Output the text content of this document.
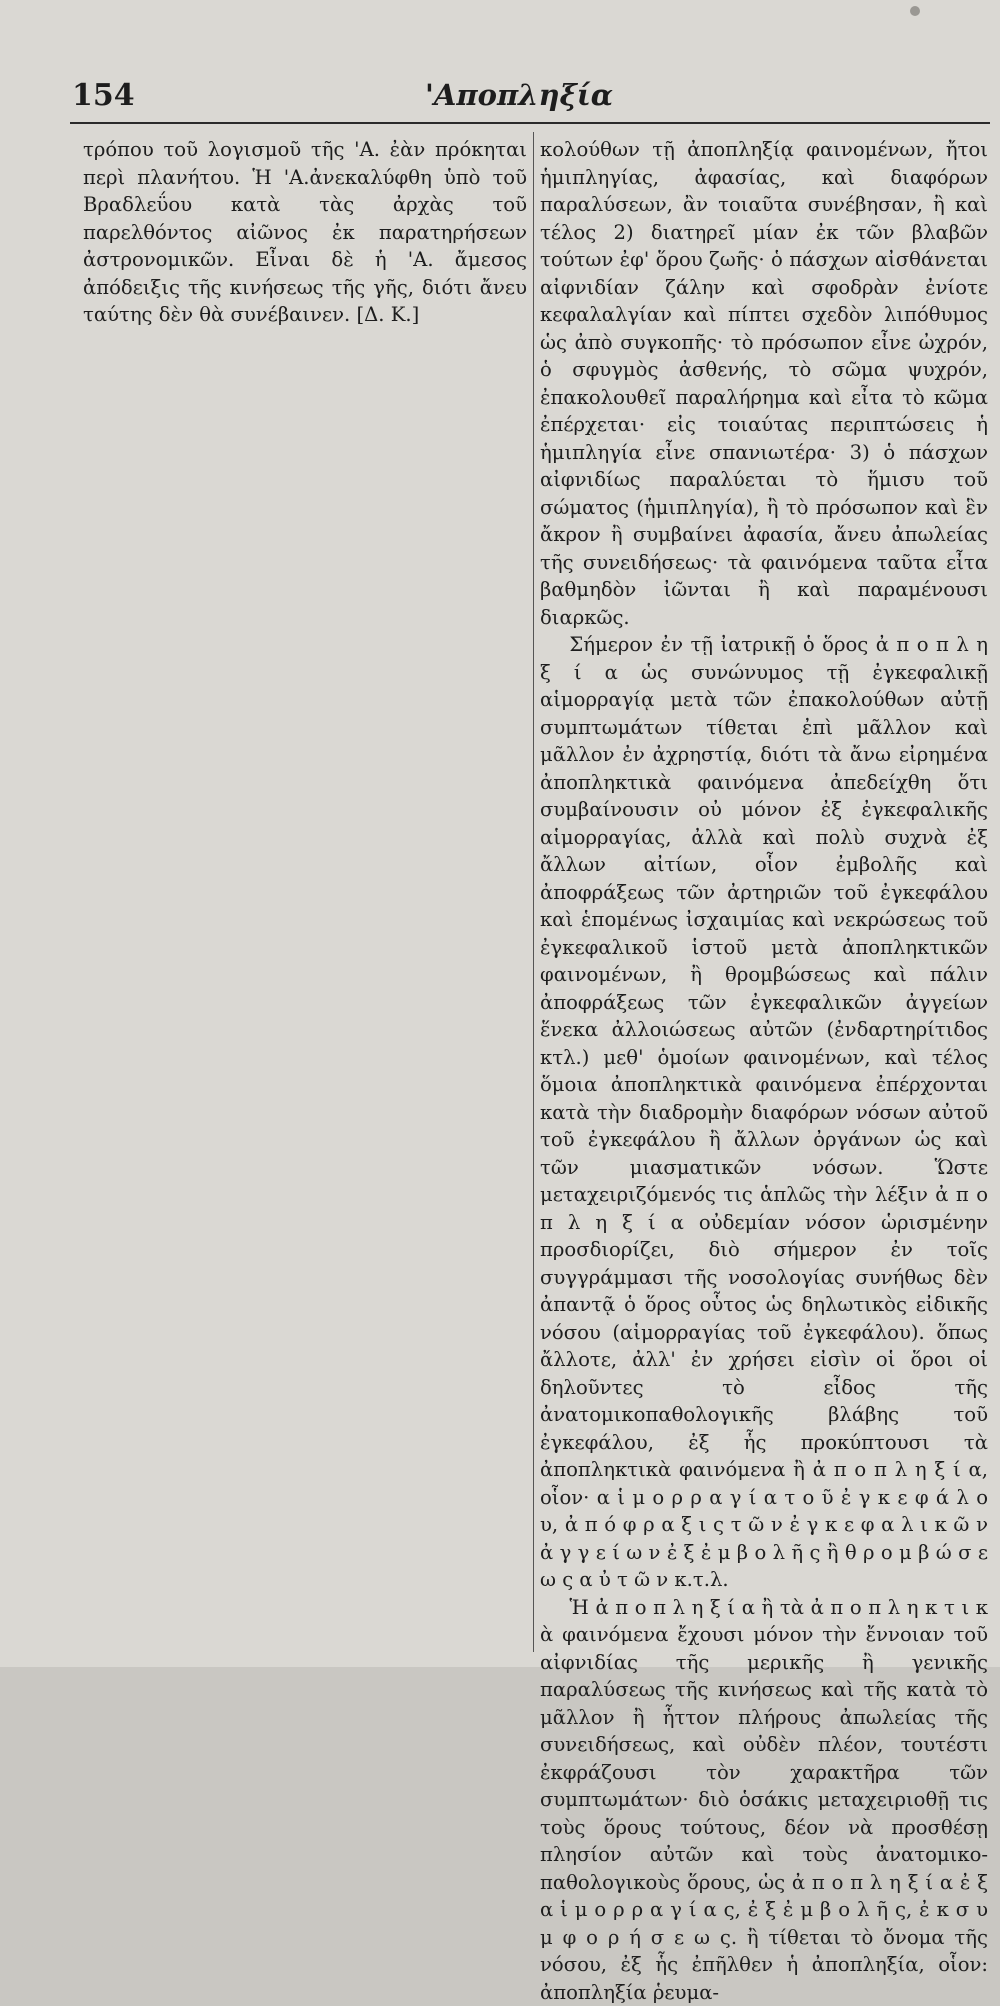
154	'Αποπληξία

τρόπου τοῦ λογισμοῦ τῆς 'Α. ἐὰν πρόκηται περὶ πλανήτου. Ἡ 'Α.ἀνεκαλύφθη ὑπὸ τοῦ Bραδλεΰου κατὰ τὰς ἀρχὰς τοῦ παρελθόντος αἰῶνος ἐκ παρατηρήσεων ἀστρονομικῶν. Εἶναι δὲ ἡ 'Α. ἄμεσος ἀπόδειξις τῆς κινήσεως τῆς γῆς, διότι ἄνευ ταύτης δὲν θὰ συνέβαινεν. [Δ. Κ.]

κολούθων τῇ ἀποπληξίᾳ φαινομένων, ἤτοι ἡμιπληγίας, ἀφασίας, καὶ διαφόρων παραλύσεων, ἂν τοιαῦτα συνέβησαν, ἢ καὶ τέλος 2) διατηρεῖ μίαν ἐκ τῶν βλαβῶν τούτων ἐφ' ὅρου ζωῆς· ὁ πάσχων αἰσθάνεται αἰφνιδίαν ζάλην καὶ σφοδρὰν ἐνίοτε κεφαλαλγίαν καὶ πίπτει σχεδὸν λιπόθυμος ὡς ἀπὸ συγκοπῆς· τὸ πρόσωπον εἶνε ὠχρόν, ὁ σφυγμὸς ἀσθενής, τὸ σῶμα ψυχρόν, ἐπακολουθεῖ παραλήρημα καὶ εἶτα τὸ κῶμα ἐπέρχεται· εἰς τοιαύτας περιπτώσεις ἡ ἡμιπληγία εἶνε σπανιωτέρα· 3) ὁ πάσχων αἰφνιδίως παραλύεται τὸ ἥμισυ τοῦ σώματος (ἡμιπληγία), ἢ τὸ πρόσωπον καὶ ἓν ἄκρον ἢ συμβαίνει ἀφασία, ἄνευ ἀπωλείας τῆς συνειδήσεως· τὰ φαινόμενα ταῦτα εἶτα βαθμηδὸν ἰῶνται ἢ καὶ παραμένουσι διαρκῶς.

Σήμερον ἐν τῇ ἰατρικῇ ὁ ὅρος ἀ π ο π λ η ξ ί α ὡς συνώνυμος τῇ ἐγκεφαλικῇ αἱμορραγίᾳ μετὰ τῶν ἐπακολούθων αὐτῇ συμπτωμάτων τίθεται ἐπὶ μᾶλλον καὶ μᾶλλον ἐν ἀχρηστίᾳ, διότι τὰ ἄνω εἰρημένα ἀποπληκτικὰ φαινόμενα ἀπεδείχθη ὅτι συμβαίνουσιν οὐ μόνον ἐξ ἐγκεφαλικῆς αἱμορραγίας, ἀλλὰ καὶ πολὺ συχνὰ ἐξ ἄλλων αἰτίων, οἷον ἐμβολῆς καὶ ἀποφράξεως τῶν ἀρτηριῶν τοῦ ἐγκεφάλου καὶ ἑπομένως ἰσχαιμίας καὶ νεκρώσεως τοῦ ἐγκεφαλικοῦ ἱστοῦ μετὰ ἀποπληκτικῶν φαινομένων, ἢ θρομβώσεως καὶ πάλιν ἀποφράξεως τῶν ἐγκεφαλικῶν ἀγγείων ἕνεκα ἀλλοιώσεως αὐτῶν (ἐνδαρτηρίτιδος κτλ.) μεθ' ὁμοίων φαινομένων, καὶ τέλος ὅμοια ἀποπληκτικὰ φαινόμενα ἐπέρχονται κατὰ τὴν διαδρομὴν διαφόρων νόσων αὐτοῦ τοῦ ἐγκεφάλου ἢ ἄλλων ὀργάνων ὡς καὶ τῶν μιασματικῶν νόσων. Ὥστε μεταχειριζόμενός τις ἁπλῶς τὴν λέξιν ἀ π ο π λ η ξ ί α οὐδεμίαν νόσον ὡρισμένην προσδιορίζει, διὸ σήμερον ἐν τοῖς συγγράμμασι τῆς νοσολογίας συνήθως δὲν ἀπαντᾷ ὁ ὅρος οὗτος ὡς δηλωτικὸς εἰδικῆς νόσου (αἱμορραγίας τοῦ ἐγκεφάλου). ὅπως ἄλλοτε, ἀλλ' ἐν χρήσει εἰσὶν οἱ ὅροι οἱ δηλοῦντες τὸ εἶδος τῆς ἀνατομικοπαθολογικῆς βλάβης τοῦ ἐγκεφάλου, ἐξ ἧς προκύπτουσι τὰ ἀποπληκτικὰ φαινόμενα ἢ ἀ π ο π λ η ξ ί α, οἷον· α ἱ μ ο ρ ρ α γ ί α τ ο ῦ ἐ γ κ ε φ ά λ ο υ, ἀ π ό φ ρ α ξ ι ς τ ῶ ν ἐ γ κ ε φ α λ ι κ ῶ ν ἀ γ γ ε ί ω ν ἐ ξ ἐ μ β ο λ ῆ ς ἢ θ ρ ο μ β ώ σ ε ω ς α ὐ τ ῶ ν κ.τ.λ.

Ἡ ἀ π ο π λ η ξ ί α ἢ τὰ ἀ π ο π λ η κ τ ι κ ὰ φαινόμενα ἔχουσι μόνον τὴν ἔννοιαν τοῦ αἰφνιδίας τῆς μερικῆς ἢ γενικῆς παραλύσεως τῆς κινήσεως καὶ τῆς κατὰ τὸ μᾶλλον ἢ ἧττον πλήρους ἀπωλείας τῆς συνειδήσεως, καὶ οὐδὲν πλέον, τουτέστι ἐκφράζουσι τὸν χαρακτῆρα τῶν συμπτωμάτων· διὸ ὁσάκις μεταχειριοθῇ τις τοὺς ὅρους τούτους, δέον νὰ προσθέσῃ πλησίον αὐτῶν καὶ τοὺς ἀνατομικο-παθολογικοὺς ὅρους, ὡς ἀ π ο π λ η ξ ί α ἐ ξ α ἱ μ ο ρ ρ α γ ί α ς, ἐ ξ ἐ μ β ο λ ῆ ς, ἐ κ σ υ μ φ ο ρ ή σ ε ω ς. ἢ τίθεται τὸ ὄνομα τῆς νόσου, ἐξ ἧς ἐπῆλθεν ἡ ἀποπληξία, οἷον: ἀποπληξία ῥευμα-
